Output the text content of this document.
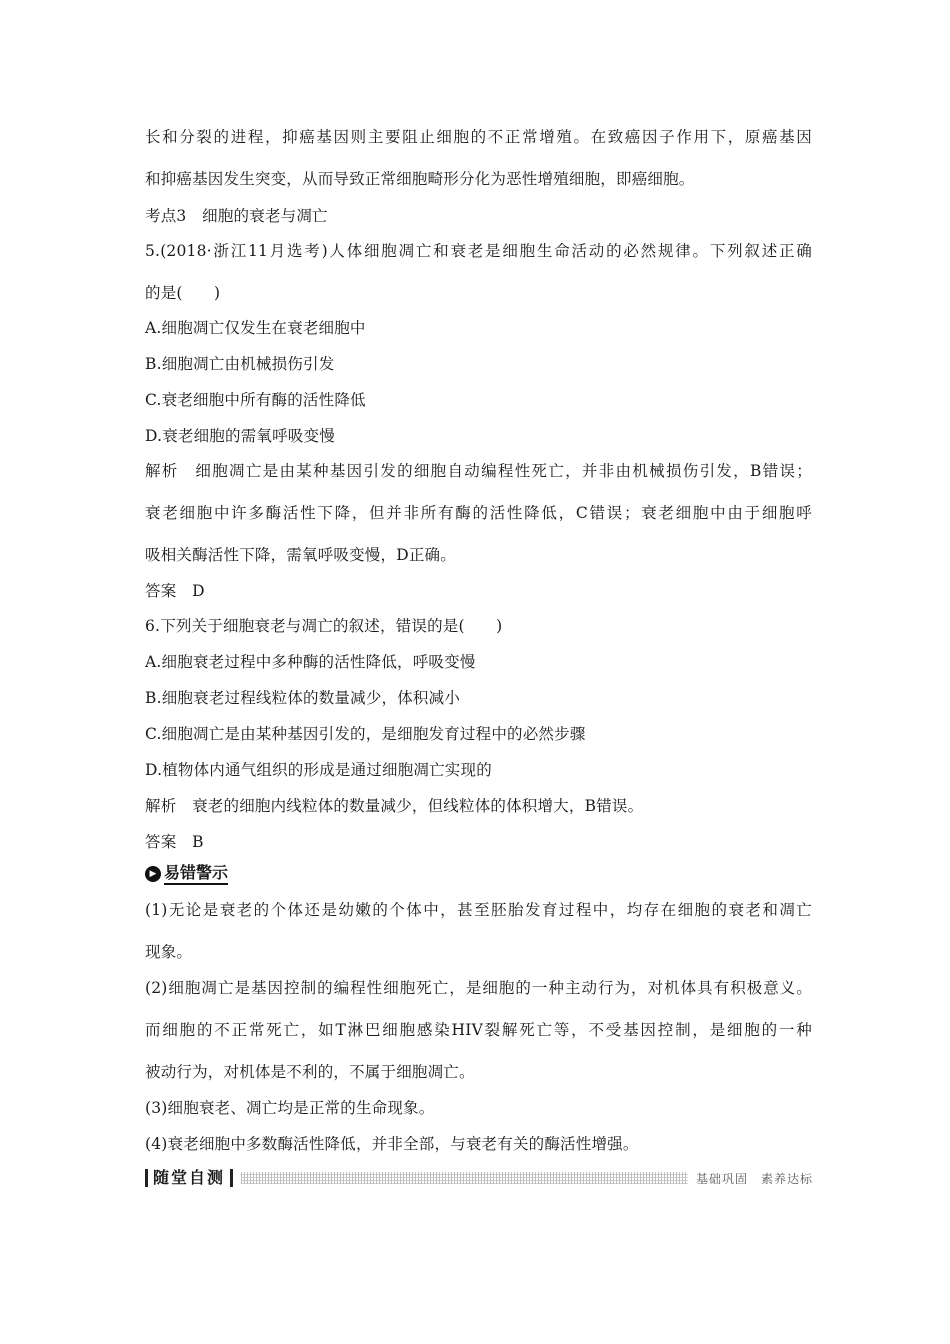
长和分裂的进程，抑癌基因则主要阻止细胞的不正常增殖。在致癌因子作用下，原癌基因
和抑癌基因发生突变，从而导致正常细胞畸形分化为恶性增殖细胞，即癌细胞。
考点3　细胞的衰老与凋亡
5.(2018·浙江11月选考)人体细胞凋亡和衰老是细胞生命活动的必然规律。下列叙述正确
的是(　　)
A.细胞凋亡仅发生在衰老细胞中
B.细胞凋亡由机械损伤引发
C.衰老细胞中所有酶的活性降低
D.衰老细胞的需氧呼吸变慢
解析　细胞凋亡是由某种基因引发的细胞自动编程性死亡，并非由机械损伤引发，B错误；
衰老细胞中许多酶活性下降，但并非所有酶的活性降低，C错误；衰老细胞中由于细胞呼
吸相关酶活性下降，需氧呼吸变慢，D正确。
答案　D
6.下列关于细胞衰老与凋亡的叙述，错误的是(　　)
A.细胞衰老过程中多种酶的活性降低，呼吸变慢
B.细胞衰老过程线粒体的数量减少，体积减小
C.细胞凋亡是由某种基因引发的，是细胞发育过程中的必然步骤
D.植物体内通气组织的形成是通过细胞凋亡实现的
解析　衰老的细胞内线粒体的数量减少，但线粒体的体积增大，B错误。
答案　B
(1)无论是衰老的个体还是幼嫩的个体中，甚至胚胎发育过程中，均存在细胞的衰老和凋亡
现象。
(2)细胞凋亡是基因控制的编程性细胞死亡，是细胞的一种主动行为，对机体具有积极意义。
而细胞的不正常死亡，如T淋巴细胞感染HIV裂解死亡等，不受基因控制，是细胞的一种
被动行为，对机体是不利的，不属于细胞凋亡。
(3)细胞衰老、凋亡均是正常的生命现象。
(4)衰老细胞中多数酶活性降低，并非全部，与衰老有关的酶活性增强。
▶ 易错警示
随堂自测	基础巩固　素养达标
